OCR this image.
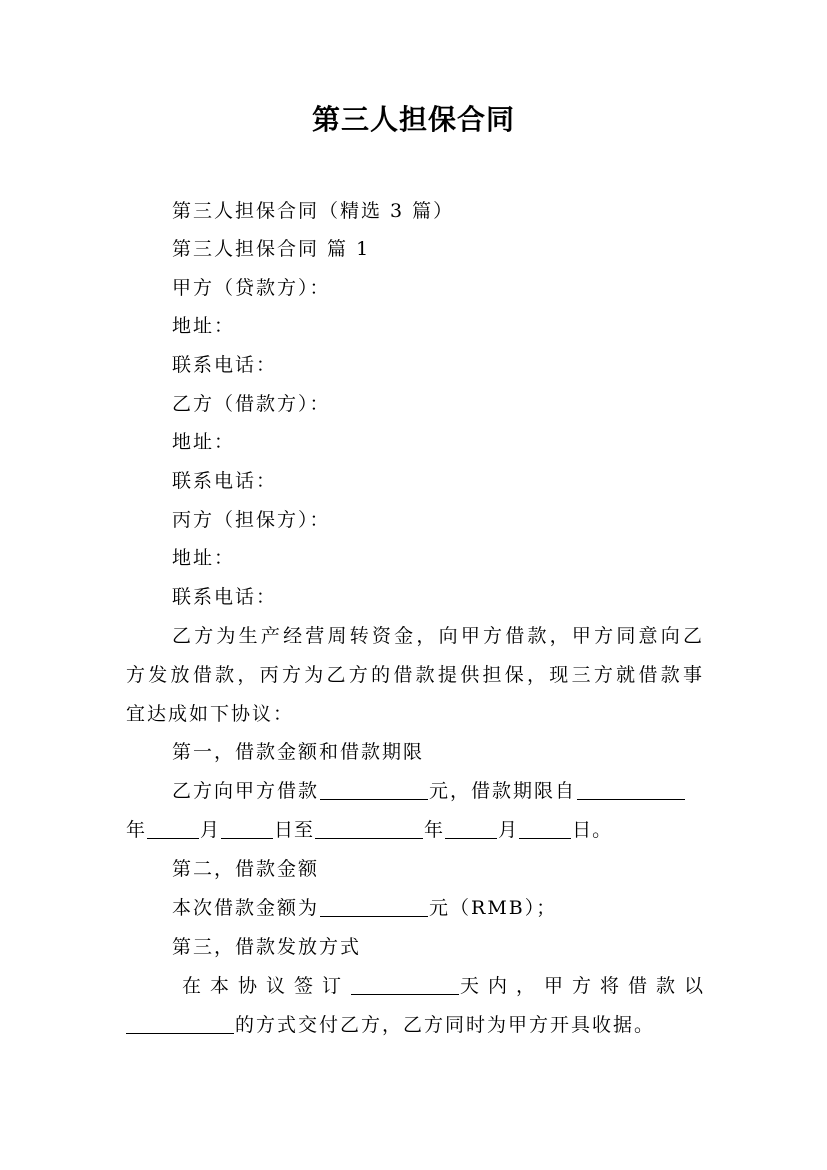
第三人担保合同
第三人担保合同（精选 3 篇）
第三人担保合同 篇 1
甲方（贷款方）：
地址：
联系电话：
乙方（借款方）：
地址：
联系电话：
丙方（担保方）：
地址：
联系电话：
乙方为生产经营周转资金，向甲方借款，甲方同意向乙
方发放借款，丙方为乙方的借款提供担保，现三方就借款事
宜达成如下协议：
第一，借款金额和借款期限
乙方向甲方借款	元，借款期限自
年	月	日至	年	月	日。
第二，借款金额
本次借款金额为	元（RMB）；
第三，借款发放方式
在本协议签订	天内，甲方将借款以
的方式交付乙方，乙方同时为甲方开具收据。
